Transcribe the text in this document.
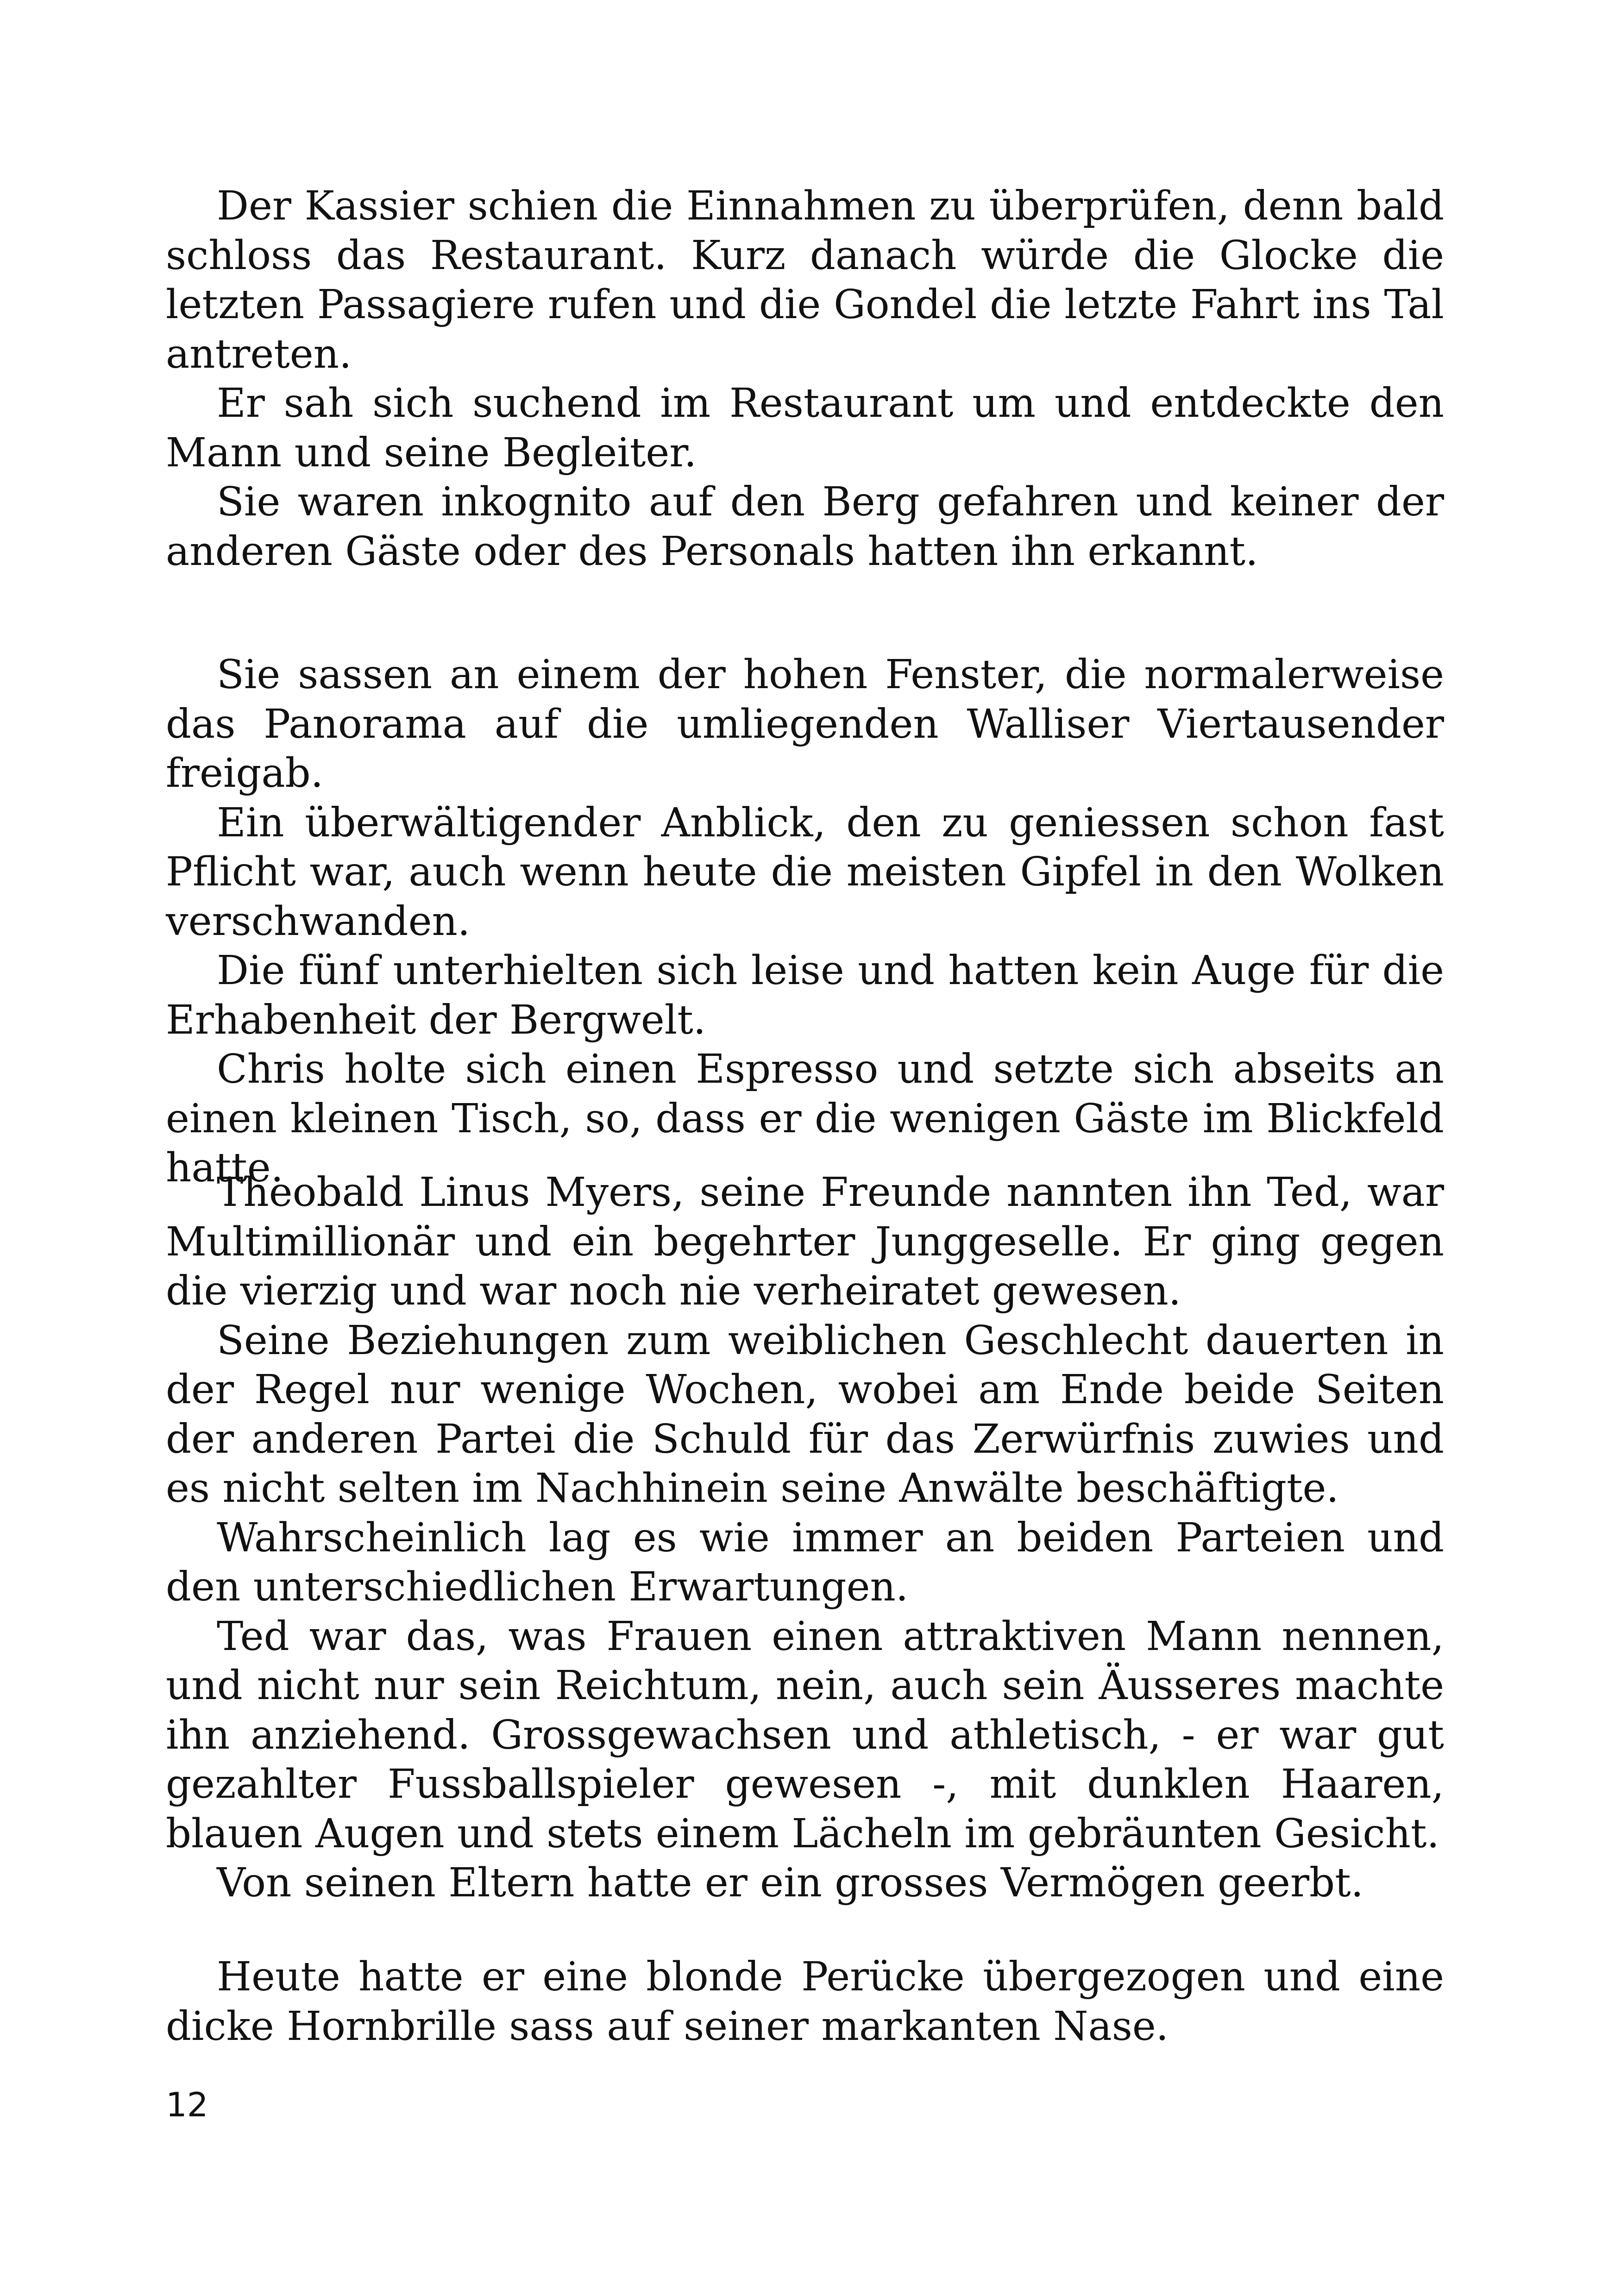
Der Kassier schien die Einnahmen zu überprüfen, denn bald schloss das Restaurant. Kurz danach würde die Glocke die letzten Passagiere rufen und die Gondel die letzte Fahrt ins Tal antreten.

Er sah sich suchend im Restaurant um und entdeckte den Mann und seine Begleiter.

Sie waren inkognito auf den Berg gefahren und keiner der anderen Gäste oder des Personals hatten ihn erkannt.

Sie sassen an einem der hohen Fenster, die normalerweise das Panorama auf die umliegenden Walliser Viertausender freigab.

Ein überwältigender Anblick, den zu geniessen schon fast Pflicht war, auch wenn heute die meisten Gipfel in den Wolken verschwanden.

Die fünf unterhielten sich leise und hatten kein Auge für die Erhabenheit der Bergwelt.

Chris holte sich einen Espresso und setzte sich abseits an einen kleinen Tisch, so, dass er die wenigen Gäste im Blickfeld hatte.

Theobald Linus Myers, seine Freunde nannten ihn Ted, war Multimillionär und ein begehrter Junggeselle. Er ging gegen die vierzig und war noch nie verheiratet gewesen.

Seine Beziehungen zum weiblichen Geschlecht dauerten in der Regel nur wenige Wochen, wobei am Ende beide Seiten der anderen Partei die Schuld für das Zerwürfnis zuwies und es nicht selten im Nachhinein seine Anwälte beschäftigte.

Wahrscheinlich lag es wie immer an beiden Parteien und den unterschiedlichen Erwartungen.

Ted war das, was Frauen einen attraktiven Mann nennen, und nicht nur sein Reichtum, nein, auch sein Äusseres machte ihn anziehend. Grossgewachsen und athletisch, - er war gut gezahlter Fussballspieler gewesen -, mit dunklen Haaren, blauen Augen und stets einem Lächeln im gebräunten Gesicht.

Von seinen Eltern hatte er ein grosses Vermögen geerbt.

Heute hatte er eine blonde Perücke übergezogen und eine dicke Hornbrille sass auf seiner markanten Nase.

12
